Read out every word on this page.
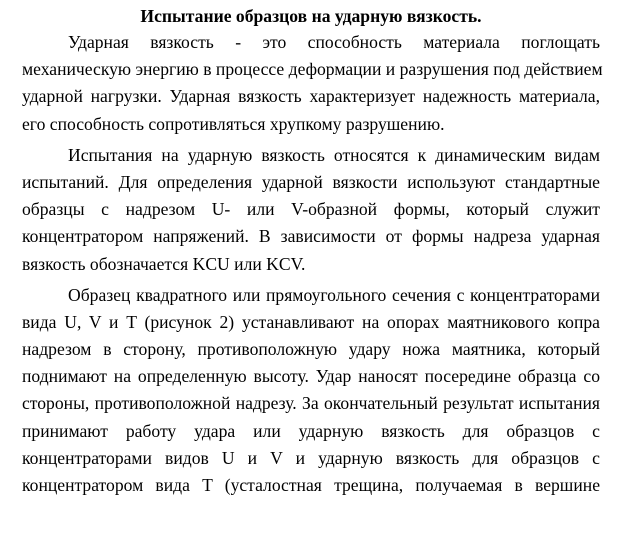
Испытание образцов на ударную вязкость.
Ударная вязкость - это способность материала поглощать
механическую энергию в процессе деформации и разрушения под действием
ударной нагрузки. Ударная вязкость характеризует надежность материала,
его способность сопротивляться хрупкому разрушению.
Испытания на ударную вязкость относятся к динамическим видам
испытаний. Для определения ударной вязкости используют стандартные
образцы с надрезом U- или V-образной формы, который служит
концентратором напряжений. В зависимости от формы надреза ударная
вязкость обозначается KCU или KCV.
Образец квадратного или прямоугольного сечения с концентраторами
вида U, V и T (рисунок 2) устанавливают на опорах маятникового копра
надрезом в сторону, противоположную удару ножа маятника, который
поднимают на определенную высоту. Удар наносят посередине образца со
стороны, противоположной надрезу. За окончательный результат испытания
принимают работу удара или ударную вязкость для образцов с
концентраторами видов U и V и ударную вязкость для образцов с
концентратором вида T (усталостная трещина, получаемая в вершине
